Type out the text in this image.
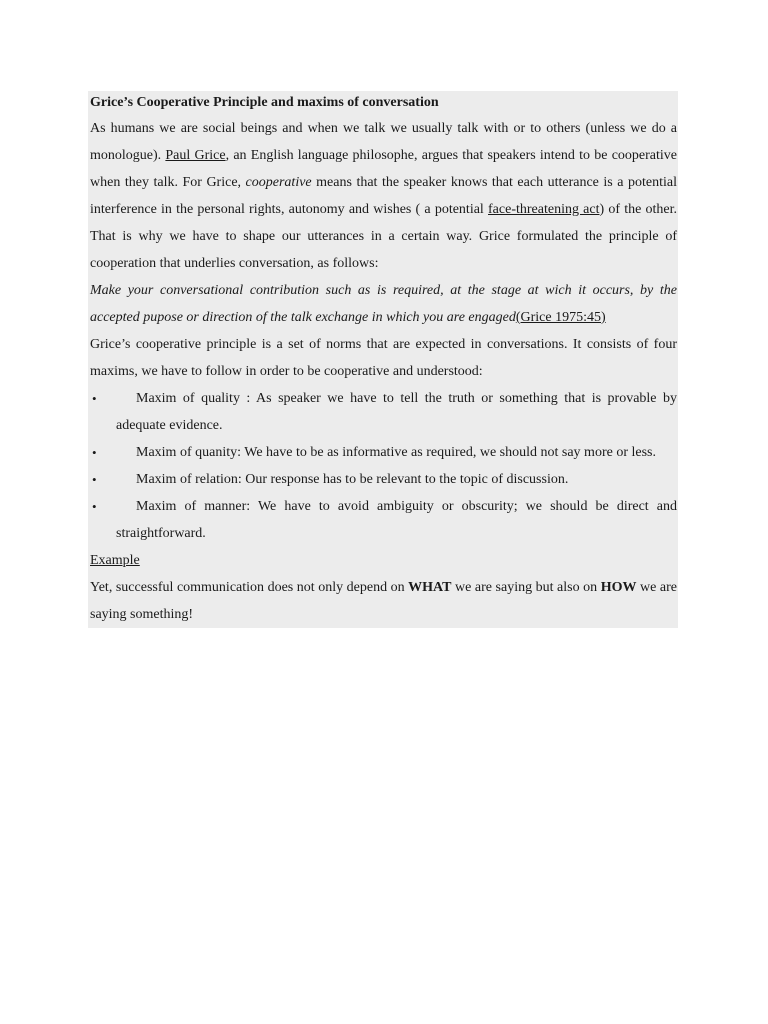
Grice’s Cooperative Principle and maxims of conversation

As humans we are social beings and when we talk we usually talk with or to others (unless we do a monologue). Paul Grice, an English language philosophe, argues that speakers intend to be cooperative when they talk. For Grice, cooperative means that the speaker knows that each utterance is a potential interference in the personal rights, autonomy and wishes ( a potential face-threatening act) of the other. That is why we have to shape our utterances in a certain way. Grice formulated the principle of cooperation that underlies conversation, as follows:

Make your conversational contribution such as is required, at the stage at wich it occurs, by the accepted pupose or direction of the talk exchange in which you are engaged(Grice 1975:45)

Grice’s cooperative principle is a set of norms that are expected in conversations. It consists of four maxims, we have to follow in order to be cooperative and understood:

•	Maxim of quality : As speaker we have to tell the truth or something that is provable by adequate evidence.
•	Maxim of quanity: We have to be as informative as required, we should not say more or less.
•	Maxim of relation: Our response has to be relevant to the topic of discussion.
•	Maxim of manner: We have to avoid ambiguity or obscurity; we should be direct and straightforward.

Example

Yet, successful communication does not only depend on WHAT we are saying but also on HOW we are saying something!
